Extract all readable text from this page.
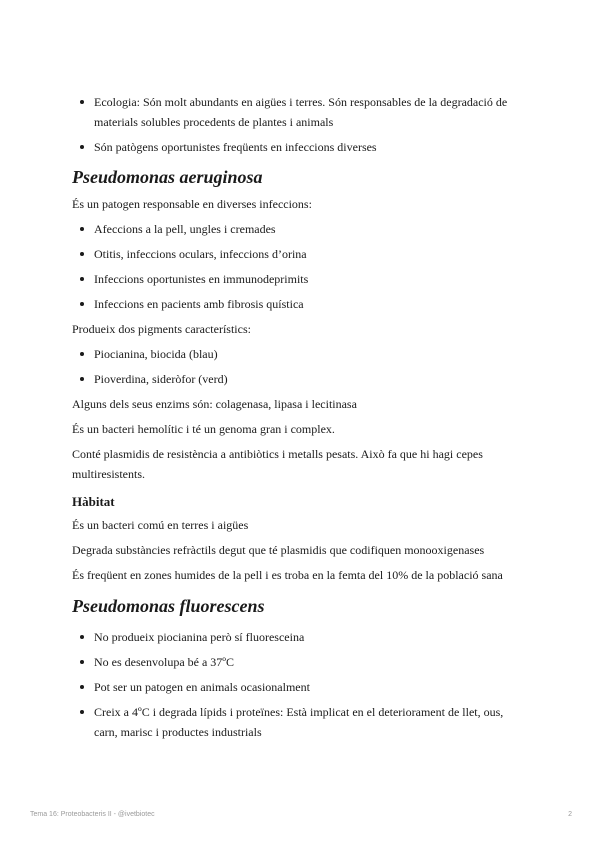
Ecologia: Són molt abundants en aigües i terres. Són responsables de la degradació de materials solubles procedents de plantes i animals
Són patògens oportunistes freqüents en infeccions diverses
Pseudomonas aeruginosa

És un patogen responsable en diverses infeccions:

Afeccions a la pell, ungles i cremades
Otitis, infeccions oculars, infeccions d’orina
Infeccions oportunistes en immunodeprimits
Infeccions en pacients amb fibrosis quística

Produeix dos pigments característics:

Piocianina, biocida (blau)
Pioverdina, sideròfor (verd)

Alguns dels seus enzims són: colagenasa, lipasa i lecitinasa

És un bacteri hemolític i té un genoma gran i complex.

Conté plasmidis de resistència a antibiòtics i metalls pesats. Això fa que hi hagi cepes multiresistents.

Hàbitat

És un bacteri comú en terres i aigües

Degrada substàncies refràctils degut que té plasmidis que codifiquen monooxigenases

És freqüent en zones humides de la pell i es troba en la femta del 10% de la població sana

Pseudomonas fluorescens
No produeix piocianina però sí fluoresceina
No es desenvolupa bé a 37ºC
Pot ser un patogen en animals ocasionalment
Creix a 4ºC i degrada lípids i proteïnes: Està implicat en el deteriorament de llet, ous, carn, marisc i productes industrials
Tema 16: Proteobacteris II - @ivetbiotec	2
